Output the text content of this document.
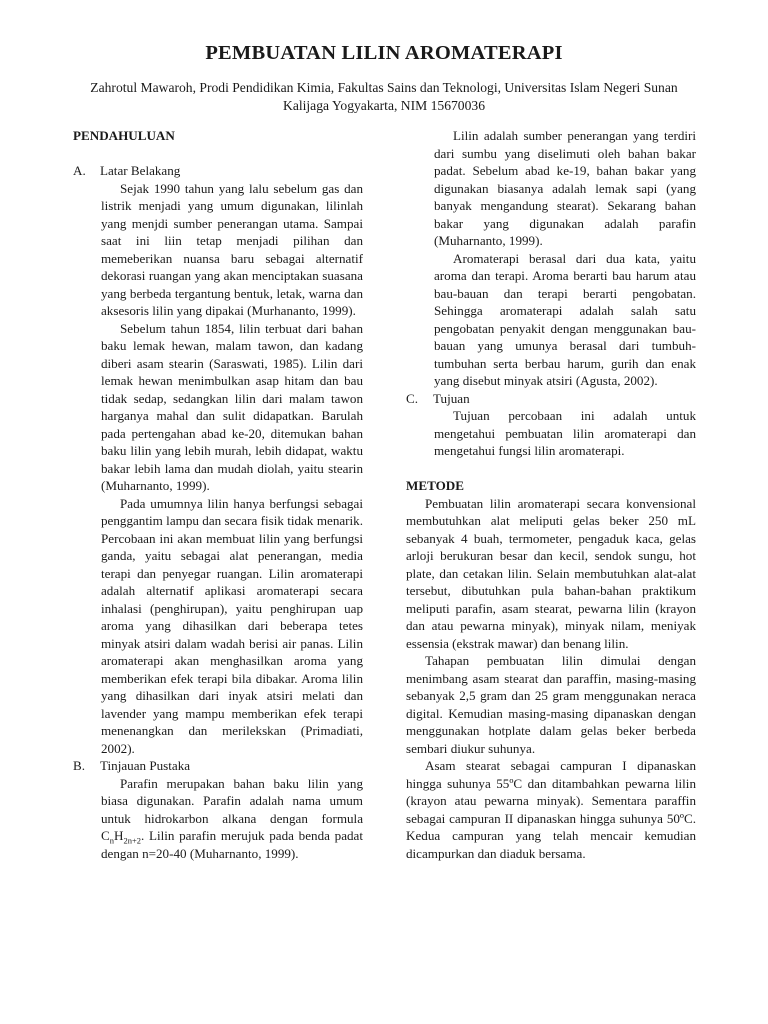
PEMBUATAN LILIN AROMATERAPI
Zahrotul Mawaroh, Prodi Pendidikan Kimia, Fakultas Sains dan Teknologi, Universitas Islam Negeri Sunan Kalijaga Yogyakarta, NIM 15670036
PENDAHULUAN
A. Latar Belakang

Sejak 1990 tahun yang lalu sebelum gas dan listrik menjadi yang umum digunakan, lilinlah yang menjdi sumber penerangan utama. Sampai saat ini liin tetap menjadi pilihan dan memeberikan nuansa baru sebagai alternatif dekorasi ruangan yang akan menciptakan suasana yang berbeda tergantung bentuk, letak, warna dan aksesoris lilin yang dipakai (Murhananto, 1999).

Sebelum tahun 1854, lilin terbuat dari bahan baku lemak hewan, malam tawon, dan kadang diberi asam stearin (Saraswati, 1985). Lilin dari lemak hewan menimbulkan asap hitam dan bau tidak sedap, sedangkan lilin dari malam tawon harganya mahal dan sulit didapatkan. Barulah pada pertengahan abad ke-20, ditemukan bahan baku lilin yang lebih murah, lebih didapat, waktu bakar lebih lama dan mudah diolah, yaitu stearin (Muharnanto, 1999).

Pada umumnya lilin hanya berfungsi sebagai penggantim lampu dan secara fisik tidak menarik. Percobaan ini akan membuat lilin yang berfungsi ganda, yaitu sebagai alat penerangan, media terapi dan penyegar ruangan. Lilin aromaterapi adalah alternatif aplikasi aromaterapi secara inhalasi (penghirupan), yaitu penghirupan uap aroma yang dihasilkan dari beberapa tetes minyak atsiri dalam wadah berisi air panas. Lilin aromaterapi akan menghasilkan aroma yang memberikan efek terapi bila dibakar. Aroma lilin yang dihasilkan dari inyak atsiri melati dan lavender yang mampu memberikan efek terapi menenangkan dan merilekskan (Primadiati, 2002).

B. Tinjauan Pustaka

Parafin merupakan bahan baku lilin yang biasa digunakan. Parafin adalah nama umum untuk hidrokarbon alkana dengan formula $C_nH_{2n+2}$. Lilin parafin merujuk pada benda padat dengan n=20-40 (Muharnanto, 1999).

Lilin adalah sumber penerangan yang terdiri dari sumbu yang diselimuti oleh bahan bakar padat. Sebelum abad ke-19, bahan bakar yang digunakan biasanya adalah lemak sapi (yang banyak mengandung stearat). Sekarang bahan bakar yang digunakan adalah parafin (Muharnanto, 1999).

Aromaterapi berasal dari dua kata, yaitu aroma dan terapi. Aroma berarti bau harum atau bau-bauan dan terapi berarti pengobatan. Sehingga aromaterapi adalah salah satu pengobatan penyakit dengan menggunakan bau-bauan yang umunya berasal dari tumbuh-tumbuhan serta berbau harum, gurih dan enak yang disebut minyak atsiri (Agusta, 2002).

C. Tujuan

Tujuan percobaan ini adalah untuk mengetahui pembuatan lilin aromaterapi dan mengetahui fungsi lilin aromaterapi.

METODE

Pembuatan lilin aromaterapi secara konvensional membutuhkan alat meliputi gelas beker 250 mL sebanyak 4 buah, termometer, pengaduk kaca, gelas arloji berukuran besar dan kecil, sendok sungu, hot plate, dan cetakan lilin. Selain membutuhkan alat-alat tersebut, dibutuhkan pula bahan-bahan praktikum meliputi parafin, asam stearat, pewarna lilin (krayon dan atau pewarna minyak), minyak nilam, meniyak essensia (ekstrak mawar) dan benang lilin.

Tahapan pembuatan lilin dimulai dengan menimbang asam stearat dan paraffin, masing-masing sebanyak 2,5 gram dan 25 gram menggunakan neraca digital. Kemudian masing-masing dipanaskan dengan menggunakan hotplate dalam gelas beker berbeda sembari diukur suhunya.

Asam stearat sebagai campuran I dipanaskan hingga suhunya 55ºC dan ditambahkan pewarna lilin (krayon atau pewarna minyak). Sementara paraffin sebagai campuran II dipanaskan hingga suhunya 50ºC. Kedua campuran yang telah mencair kemudian dicampurkan dan diaduk bersama.
